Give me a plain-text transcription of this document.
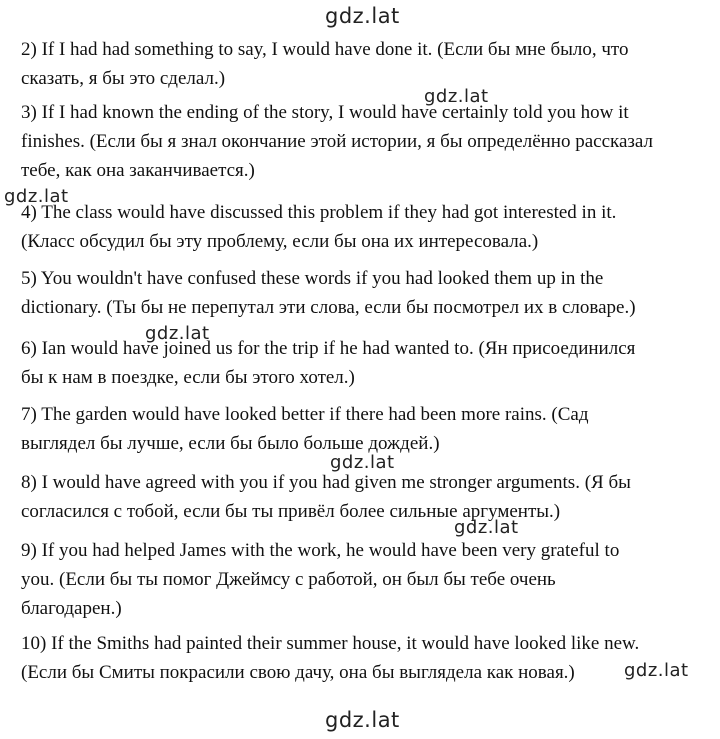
gdz.lat
2) If I had had something to say, I would have done it. (Если бы мне было, что
сказать, я бы это сделал.)
gdz.lat
3) If I had known the ending of the story, I would have certainly told you how it
finishes. (Если бы я знал окончание этой истории, я бы определённо рассказал
тебе, как она заканчивается.)
gdz.lat
4) The class would have discussed this problem if they had got interested in it.
(Класс обсудил бы эту проблему, если бы она их интересовала.)
5) You wouldn't have confused these words if you had looked them up in the
dictionary. (Ты бы не перепутал эти слова, если бы посмотрел их в словаре.)
gdz.lat
6) Ian would have joined us for the trip if he had wanted to. (Ян присоединился
бы к нам в поездке, если бы этого хотел.)
7) The garden would have looked better if there had been more rains. (Сад
выглядел бы лучше, если бы было больше дождей.)
gdz.lat
8) I would have agreed with you if you had given me stronger arguments. (Я бы
согласился с тобой, если бы ты привёл более сильные аргументы.)
gdz.lat
9) If you had helped James with the work, he would have been very grateful to
you. (Если бы ты помог Джеймсу с работой, он был бы тебе очень
благодарен.)
10) If the Smiths had painted their summer house, it would have looked like new.
(Если бы Смиты покрасили свою дачу, она бы выглядела как новая.)	gdz.lat
gdz.lat
